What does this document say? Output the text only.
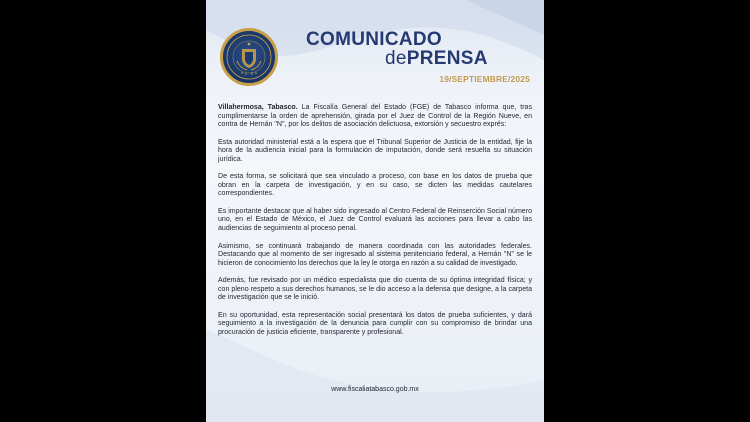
COMUNICADO
dePRENSA
19/SEPTIEMBRE/2025

Villahermosa, Tabasco. La Fiscalía General del Estado (FGE) de Tabasco informa que, tras cumplimentarse la orden de aprehensión, girada por el Juez de Control de la Región Nueve, en contra de Hernán "N", por los delitos de asociación delictuosa, extorsión y secuestro exprés:

Esta autoridad ministerial está a la espera que el Tribunal Superior de Justicia de la entidad, fije la hora de la audiencia inicial para la formulación de imputación, donde será resuelta su situación jurídica.

De esta forma, se solicitará que sea vinculado a proceso, con base en los datos de prueba que obran en la carpeta de investigación, y en su caso, se dicten las medidas cautelares correspondientes.

Es importante destacar que al haber sido ingresado al Centro Federal de Reinserción Social número uno, en el Estado de México, el Juez de Control evaluará las acciones para llevar a cabo las audiencias de seguimiento al proceso penal.

Asimismo, se continuará trabajando de manera coordinada con las autoridades federales. Destacando que al momento de ser ingresado al sistema penitenciario federal, a Hernán "N" se le hicieron de conocimiento los derechos que la ley le otorga en razón a su calidad de investigado.

Además, fue revisado por un médico especialista que dio cuenta de su óptima integridad física; y con pleno respeto a sus derechos humanos, se le dio acceso a la defensa que designe, a la carpeta de investigación que se le inició.

En su oportunidad, esta representación social presentará los datos de prueba suficientes, y dará seguimiento a la investigación de la denuncia para cumplir con su compromiso de brindar una procuración de justicia eficiente, transparente y profesional.

www.fiscaliatabasco.gob.mx
